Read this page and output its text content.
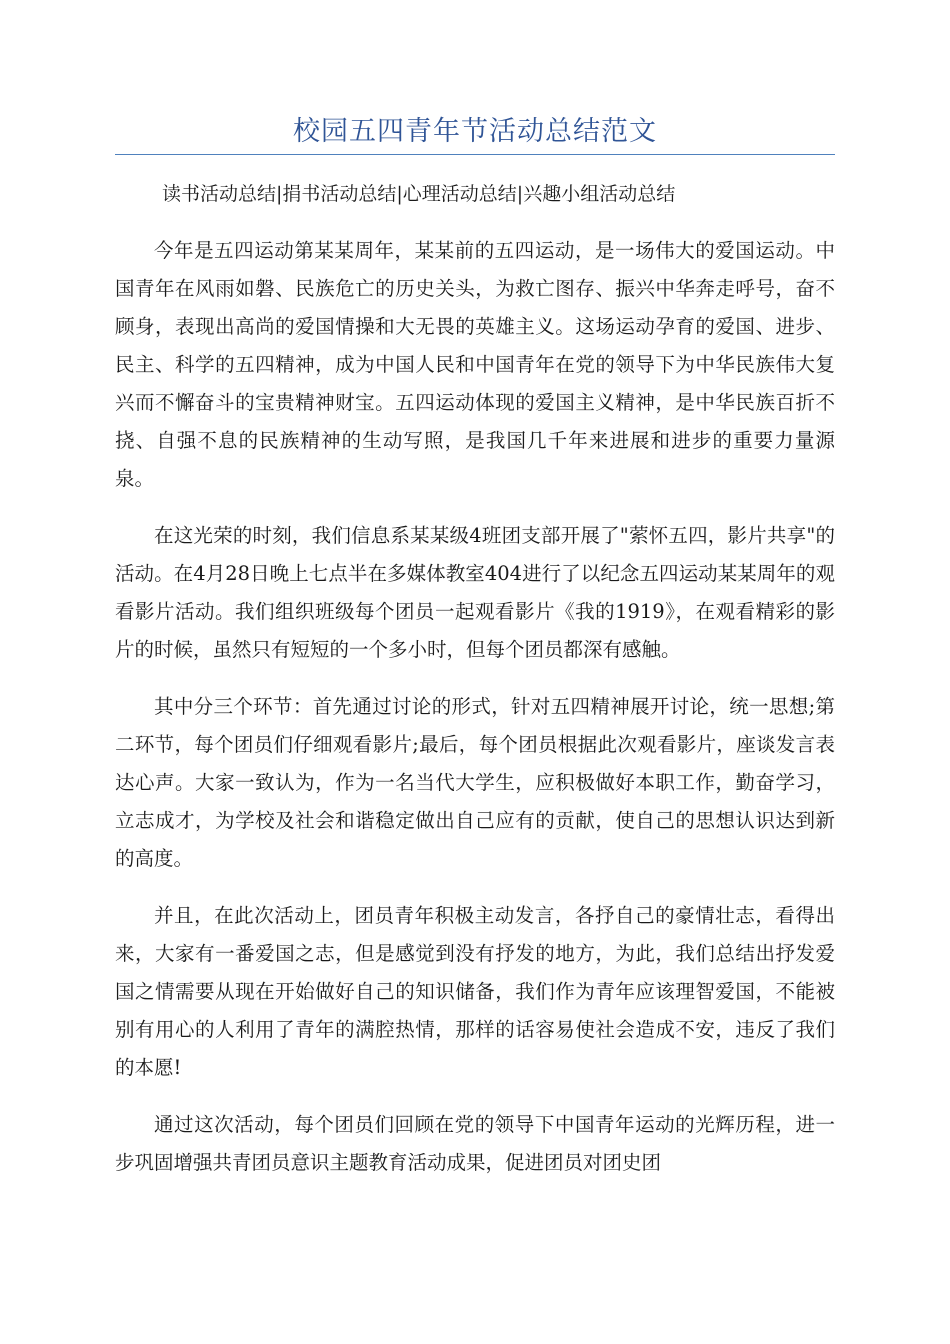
校园五四青年节活动总结范文

读书活动总结|捐书活动总结|心理活动总结|兴趣小组活动总结

今年是五四运动第某某周年，某某前的五四运动，是一场伟大的爱国运动。中国青年在风雨如磐、民族危亡的历史关头，为救亡图存、振兴中华奔走呼号，奋不顾身，表现出高尚的爱国情操和大无畏的英雄主义。这场运动孕育的爱国、进步、民主、科学的五四精神，成为中国人民和中国青年在党的领导下为中华民族伟大复兴而不懈奋斗的宝贵精神财宝。五四运动体现的爱国主义精神，是中华民族百折不挠、自强不息的民族精神的生动写照，是我国几千年来进展和进步的重要力量源泉。

在这光荣的时刻，我们信息系某某级4班团支部开展了"萦怀五四，影片共享"的活动。在4月28日晚上七点半在多媒体教室404进行了以纪念五四运动某某周年的观看影片活动。我们组织班级每个团员一起观看影片《我的1919》，在观看精彩的影片的时候，虽然只有短短的一个多小时，但每个团员都深有感触。

其中分三个环节：首先通过讨论的形式，针对五四精神展开讨论，统一思想;第二环节，每个团员们仔细观看影片;最后，每个团员根据此次观看影片，座谈发言表达心声。大家一致认为，作为一名当代大学生，应积极做好本职工作，勤奋学习，立志成才，为学校及社会和谐稳定做出自己应有的贡献，使自己的思想认识达到新的高度。

并且，在此次活动上，团员青年积极主动发言，各抒自己的豪情壮志，看得出来，大家有一番爱国之志，但是感觉到没有抒发的地方，为此，我们总结出抒发爱国之情需要从现在开始做好自己的知识储备，我们作为青年应该理智爱国，不能被别有用心的人利用了青年的满腔热情，那样的话容易使社会造成不安，违反了我们的本愿!

通过这次活动，每个团员们回顾在党的领导下中国青年运动的光辉历程，进一步巩固增强共青团员意识主题教育活动成果，促进团员对团史团
